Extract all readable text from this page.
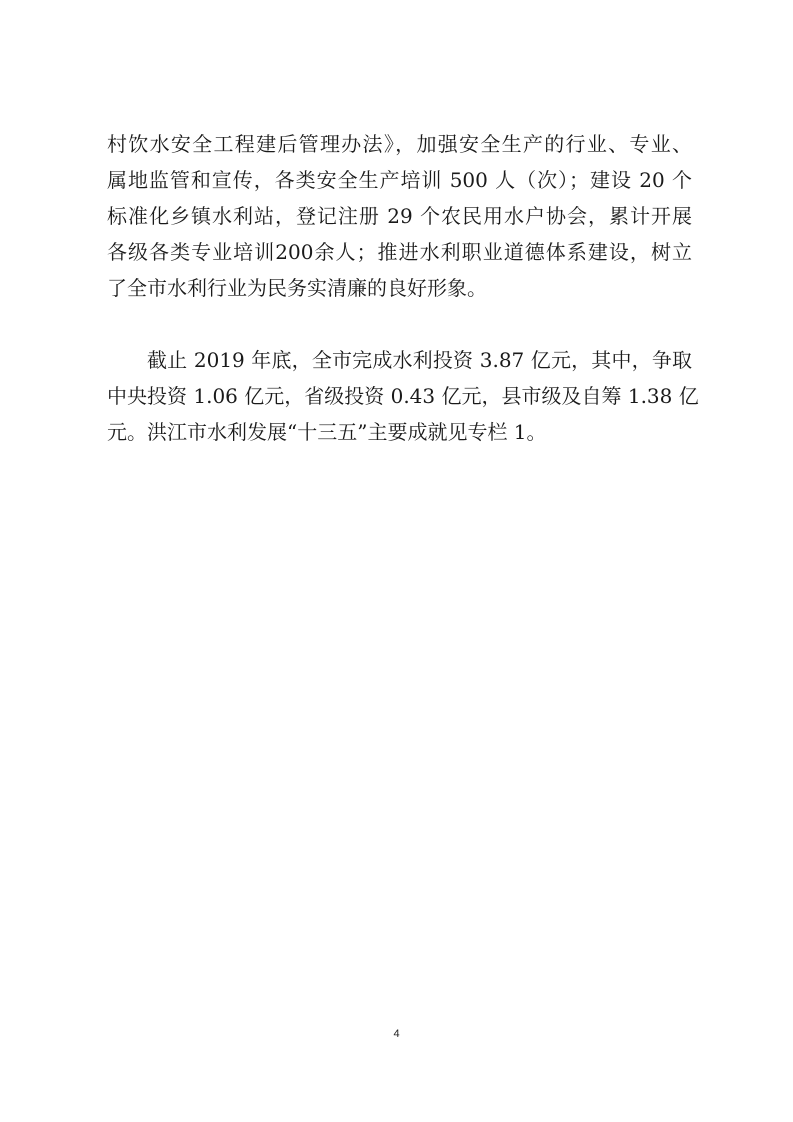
村饮水安全工程建后管理办法》，加强安全生产的行业、专业、
属地监管和宣传，各类安全生产培训 500 人（次）；建设 20 个
标准化乡镇水利站，登记注册 29 个农民用水户协会，累计开展
各级各类专业培训200余人；推进水利职业道德体系建设，树立
了全市水利行业为民务实清廉的良好形象。
截止 2019 年底，全市完成水利投资 3.87 亿元，其中，争取
中央投资 1.06 亿元，省级投资 0.43 亿元，县市级及自筹 1.38 亿
元。洪江市水利发展“十三五”主要成就见专栏 1。
4
